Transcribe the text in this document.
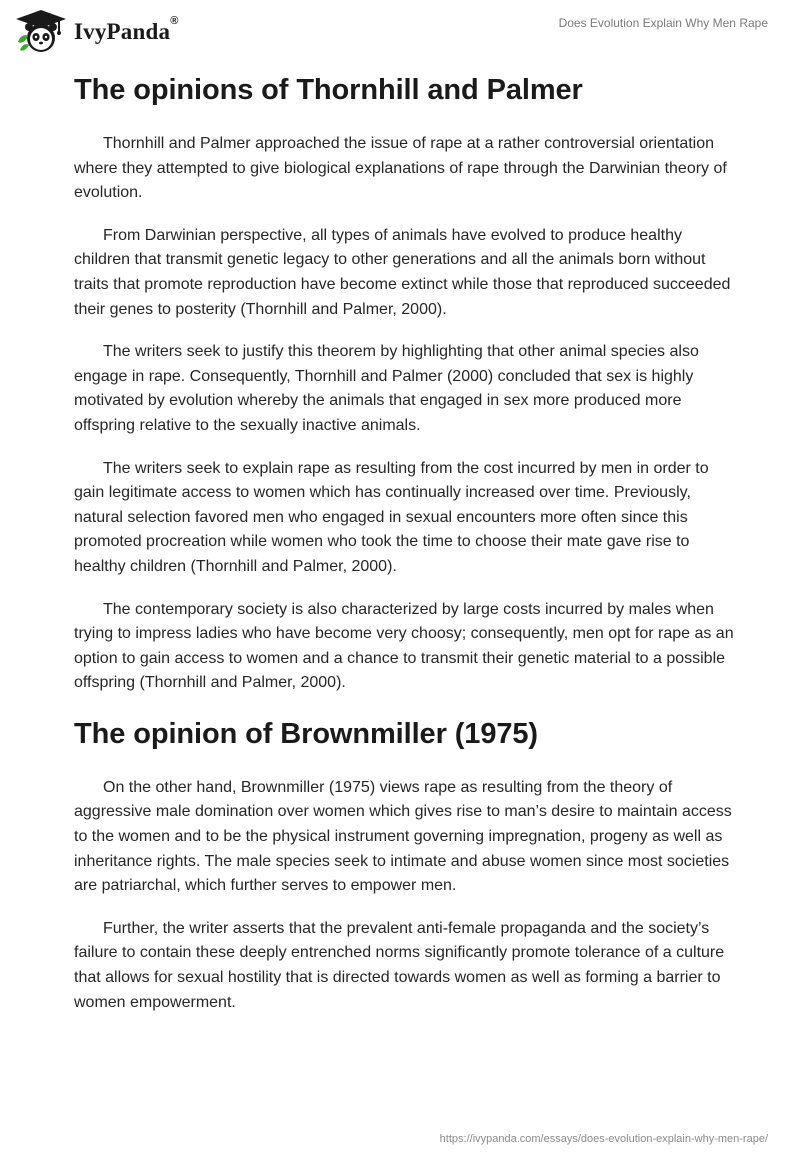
IvyPanda®	Does Evolution Explain Why Men Rape
The opinions of Thornhill and Palmer

Thornhill and Palmer approached the issue of rape at a rather controversial orientation where they attempted to give biological explanations of rape through the Darwinian theory of evolution.

From Darwinian perspective, all types of animals have evolved to produce healthy children that transmit genetic legacy to other generations and all the animals born without traits that promote reproduction have become extinct while those that reproduced succeeded their genes to posterity (Thornhill and Palmer, 2000).

The writers seek to justify this theorem by highlighting that other animal species also engage in rape. Consequently, Thornhill and Palmer (2000) concluded that sex is highly motivated by evolution whereby the animals that engaged in sex more produced more offspring relative to the sexually inactive animals.

The writers seek to explain rape as resulting from the cost incurred by men in order to gain legitimate access to women which has continually increased over time. Previously, natural selection favored men who engaged in sexual encounters more often since this promoted procreation while women who took the time to choose their mate gave rise to healthy children (Thornhill and Palmer, 2000).

The contemporary society is also characterized by large costs incurred by males when trying to impress ladies who have become very choosy; consequently, men opt for rape as an option to gain access to women and a chance to transmit their genetic material to a possible offspring (Thornhill and Palmer, 2000).

The opinion of Brownmiller (1975)

On the other hand, Brownmiller (1975) views rape as resulting from the theory of aggressive male domination over women which gives rise to man’s desire to maintain access to the women and to be the physical instrument governing impregnation, progeny as well as inheritance rights. The male species seek to intimate and abuse women since most societies are patriarchal, which further serves to empower men.

Further, the writer asserts that the prevalent anti-female propaganda and the society’s failure to contain these deeply entrenched norms significantly promote tolerance of a culture that allows for sexual hostility that is directed towards women as well as forming a barrier to women empowerment.

https://ivypanda.com/essays/does-evolution-explain-why-men-rape/
